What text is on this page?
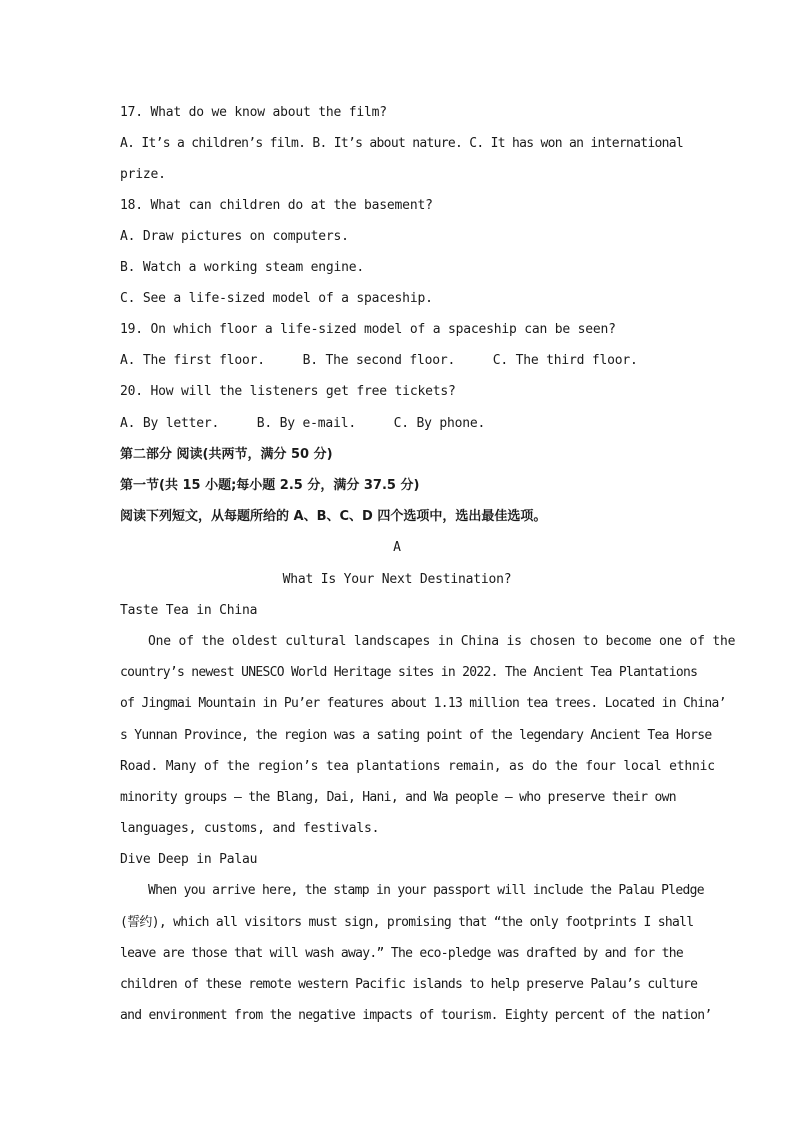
17. What do we know about the film?
A. It’s a children’s film. B. It’s about nature. C. It has won an international
prize.
18. What can children do at the basement?
A. Draw pictures on computers.
B. Watch a working steam engine.
C. See a life-sized model of a spaceship.
19. On which floor a life-sized model of a spaceship can be seen?
A. The first floor.	B. The second floor.	C. The third floor.
20. How will the listeners get free tickets?
A. By letter.	B. By e-mail.	C. By phone.
第二部分 阅读(共两节，满分 50 分)
第一节(共 15 小题;每小题 2.5 分，满分 37.5 分)
阅读下列短文，从每题所给的 A、B、C、D 四个选项中，选出最佳选项。
A
What Is Your Next Destination?
Taste Tea in China
One of the oldest cultural landscapes in China is chosen to become one of the
country’s newest UNESCO World Heritage sites in 2022. The Ancient Tea Plantations
of Jingmai Mountain in Pu’er features about 1.13 million tea trees. Located in China’
s Yunnan Province, the region was a sating point of the legendary Ancient Tea Horse
Road. Many of the region’s tea plantations remain, as do the four local ethnic
minority groups — the Blang, Dai, Hani, and Wa people — who preserve their own
languages, customs, and festivals.
Dive Deep in Palau
When you arrive here, the stamp in your passport will include the Palau Pledge
(誓约), which all visitors must sign, promising that “the only footprints I shall
leave are those that will wash away.” The eco-pledge was drafted by and for the
children of these remote western Pacific islands to help preserve Palau’s culture
and environment from the negative impacts of tourism. Eighty percent of the nation’
